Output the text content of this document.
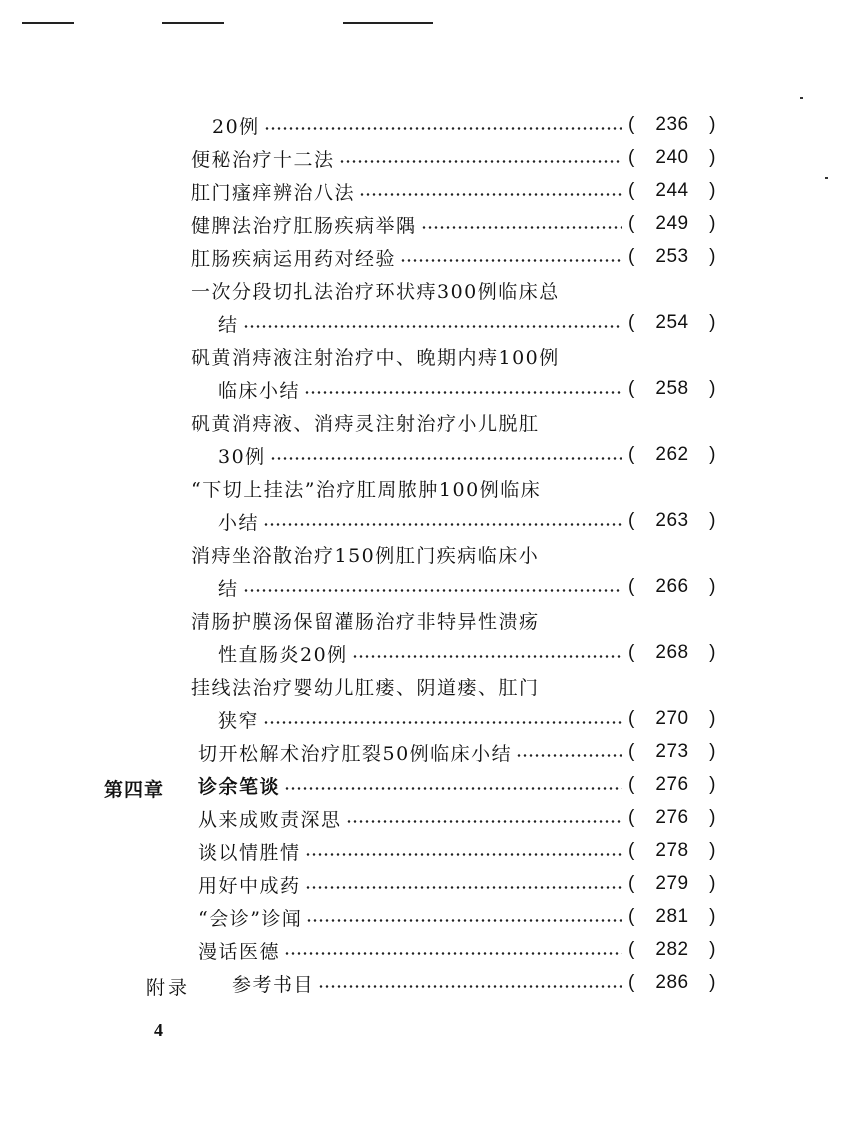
20例	(	236	)
便秘治疗十二法	(	240	)
肛门瘙痒辨治八法	(	244	)
健脾法治疗肛肠疾病举隅	(	249	)
肛肠疾病运用药对经验	(	253	)
一次分段切扎法治疗环状痔300例临床总
结	(	254	)
矾黄消痔液注射治疗中、晚期内痔100例
临床小结	(	258	)
矾黄消痔液、消痔灵注射治疗小儿脱肛
30例	(	262	)
“下切上挂法”治疗肛周脓肿100例临床
小结	(	263	)
消痔坐浴散治疗150例肛门疾病临床小
结	(	266	)
清肠护膜汤保留灌肠治疗非特异性溃疡
性直肠炎20例	(	268	)
挂线法治疗婴幼儿肛瘘、阴道瘘、肛门
狭窄	(	270	)
切开松解术治疗肛裂50例临床小结	(	273	)
第四章 诊余笔谈	(	276	)
从来成败责深思	(	276	)
谈以情胜情	(	278	)
用好中成药	(	279	)
“会诊”诊闻	(	281	)
漫话医德	(	282	)
附录 参考书目	(	286	)
4
